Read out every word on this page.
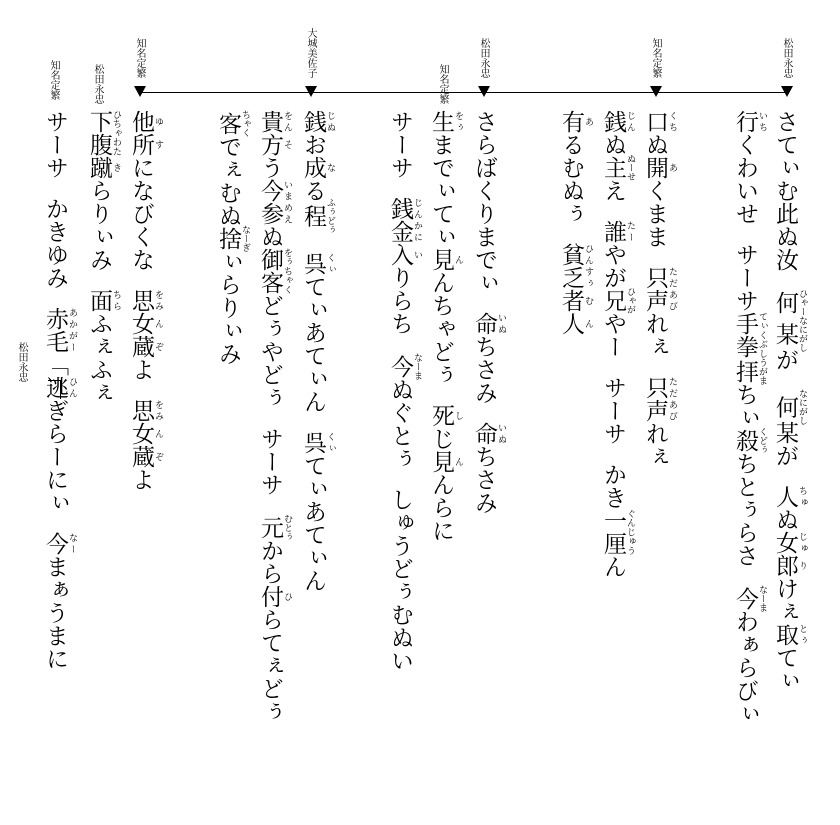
松田永忠
知名定繁
松田永忠
大城美佐子
知名定繁
知名定繁
松田永忠
知名定繁
松田永忠
さてぃむ此ぬ汝何 ひゃー某 なにがしが何 なにがし某が人 ちゅぬ女 じゅ郎 りけぇ取 とぅてぃ
行 いちくわいせサーサ手拳 てぃくぶし拝 うがまちぃ殺 くどぅちとぅらさ今 なーまわぁらびぃ
口 くちぬ開 あくまま只 ただ声 あびれぇ只 ただ声 あびれぇ
銭 じんぬ主 ぬーせえ誰 たーやが兄 ひゃがやーサーサかき一厘 ぐんじゅうん
有 あるむぬぅ貧 ひん乏 すぅ者 む人 ん
さらばくりまでぃ命 いぬちさみ命 いぬちさみ
生 をぅまでぃてぃ見 んんちゃどぅ死 しじ見 んんらに
サーサ銭 じん金 かに入 いりらち今 なーまぬぐとぅしゅうどぅむぬい
銭 じぬお成 なる程 ふぅどぅ呉 くぃてぃあてぃん呉 くぃてぃあてぃん
貴 をん方 そう今 いま参 めえぬ御客 をぅちゃくどぅやどぅサーサ元 むとぅから付 ひらてぇどぅ
客 ちゃくでぇむぬ捨 なーぎぃらりぃみ
他 ゆ所 すになびくな思 をみ女 ん蔵 ぞよ思 をみ女 ん蔵 ぞよ
下腹 ひちゃわた蹴 きらりぃみ面 ちらふぇふぇ
サーサかきゆみ赤毛 あかがー「逃 ひんぎらーにぃ今 なーまぁうまに
